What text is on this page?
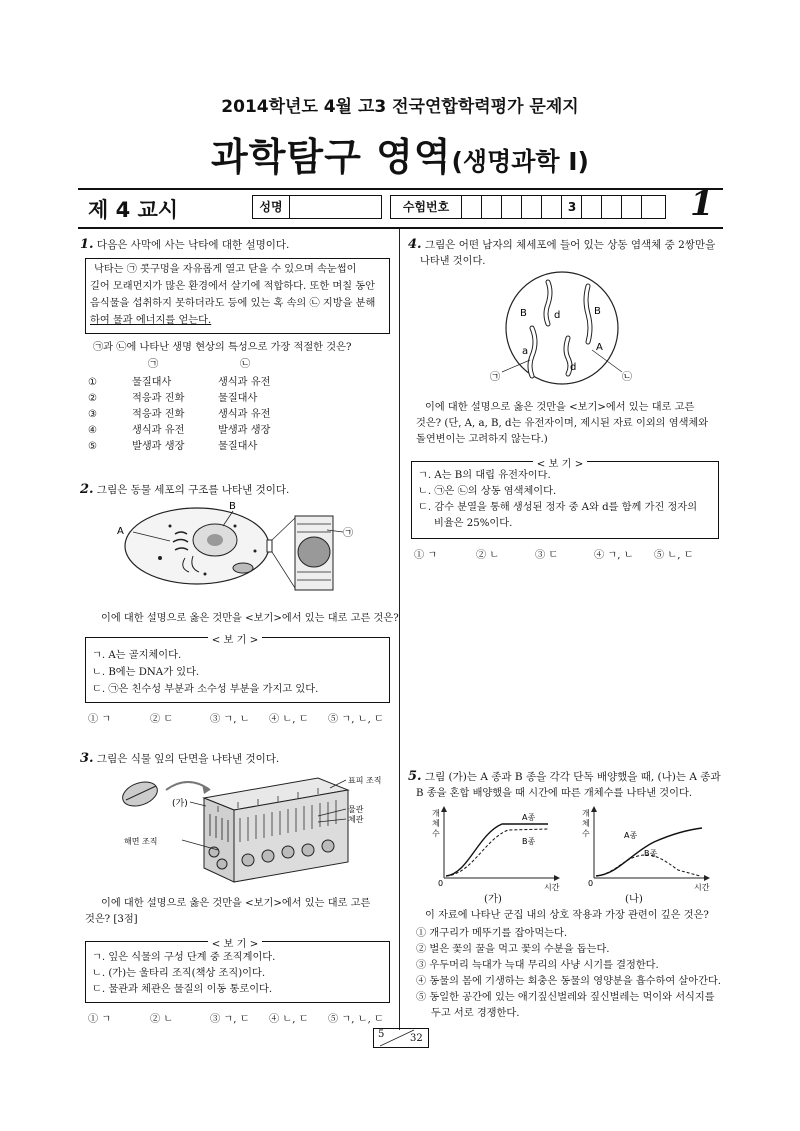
2014학년도 4월 고3 전국연합학력평가 문제지
과학탐구 영역(생명과학 Ⅰ)
제 4 교시	성명	수험번호	3	1
1. 다음은 사막에 사는 낙타에 대한 설명이다.
낙타는 ㉠ 콧구멍을 자유롭게 열고 닫을 수 있으며 속눈썹이
길어 모래먼지가 많은 환경에서 살기에 적합하다. 또한 며칠 동안
음식물을 섭취하지 못하더라도 등에 있는 혹 속의 ㉡ 지방을 분해
하여 물과 에너지를 얻는다.
㉠과 ㉡에 나타난 생명 현상의 특성으로 가장 적절한 것은?
㉠	㉡
①	물질대사	생식과 유전
②	적응과 진화	물질대사
③	적응과 진화	생식과 유전
④	생식과 유전	발생과 생장
⑤	발생과 생장	물질대사
2. 그림은 동물 세포의 구조를 나타낸 것이다.
A
B
㉠
이에 대한 설명으로 옳은 것만을 <보기>에서 있는 대로 고른 것은?
< 보 기 >
ㄱ. A는 골지체이다.
ㄴ. B에는 DNA가 있다.
ㄷ. ㉠은 친수성 부분과 소수성 부분을 가지고 있다.
① ㄱ	② ㄷ	③ ㄱ, ㄴ ④ ㄴ, ㄷ ⑤ ㄱ, ㄴ, ㄷ
3. 그림은 식물 잎의 단면을 나타낸 것이다.
(가)
표피 조직
물관
체관
해면 조직
이에 대한 설명으로 옳은 것만을 <보기>에서 있는 대로 고른
것은? [3점]
< 보 기 >
ㄱ. 잎은 식물의 구성 단계 중 조직계이다.
ㄴ. (가)는 울타리 조직(책상 조직)이다.
ㄷ. 물관과 체관은 물질의 이동 통로이다.
① ㄱ	② ㄴ	③ ㄱ, ㄷ ④ ㄴ, ㄷ ⑤ ㄱ, ㄴ, ㄷ
4. 그림은 어떤 남자의 체세포에 들어 있는 상동 염색체 중 2쌍만을
나타낸 것이다.
B	d	B
a
d
A
㉠	㉡
이에 대한 설명으로 옳은 것만을 <보기>에서 있는 대로 고른
것은? (단, A, a, B, d는 유전자이며, 제시된 자료 이외의 염색체와
돌연변이는 고려하지 않는다.)
< 보 기 >
ㄱ. A는 B의 대립 유전자이다.
ㄴ. ㉠은 ㉡의 상동 염색체이다.
ㄷ. 감수 분열을 통해 생성된 정자 중 A와 d를 함께 가진 정자의
비율은 25%이다.
① ㄱ	② ㄴ	③ ㄷ	④ ㄱ, ㄴ ⑤ ㄴ, ㄷ
5. 그림 (가)는 A 종과 B 종을 각각 단독 배양했을 때, (나)는 A 종과
B 종을 혼합 배양했을 때 시간에 따른 개체수를 나타낸 것이다.
개
체
수
0	시간
A종
B종
개
체
수
0	시간
A종
B종
(가)	(나)
이 자료에 나타난 군집 내의 상호 작용과 가장 관련이 깊은 것은?
① 개구리가 메뚜기를 잡아먹는다.
② 벌은 꽃의 꿀을 먹고 꽃의 수분을 돕는다.
③ 우두머리 늑대가 늑대 무리의 사냥 시기를 결정한다.
④ 동물의 몸에 기생하는 회충은 동물의 영양분을 흡수하여 살아간다.
⑤ 동일한 공간에 있는 애기짚신벌레와 짚신벌레는 먹이와 서식지를
두고 서로 경쟁한다.
5	32
